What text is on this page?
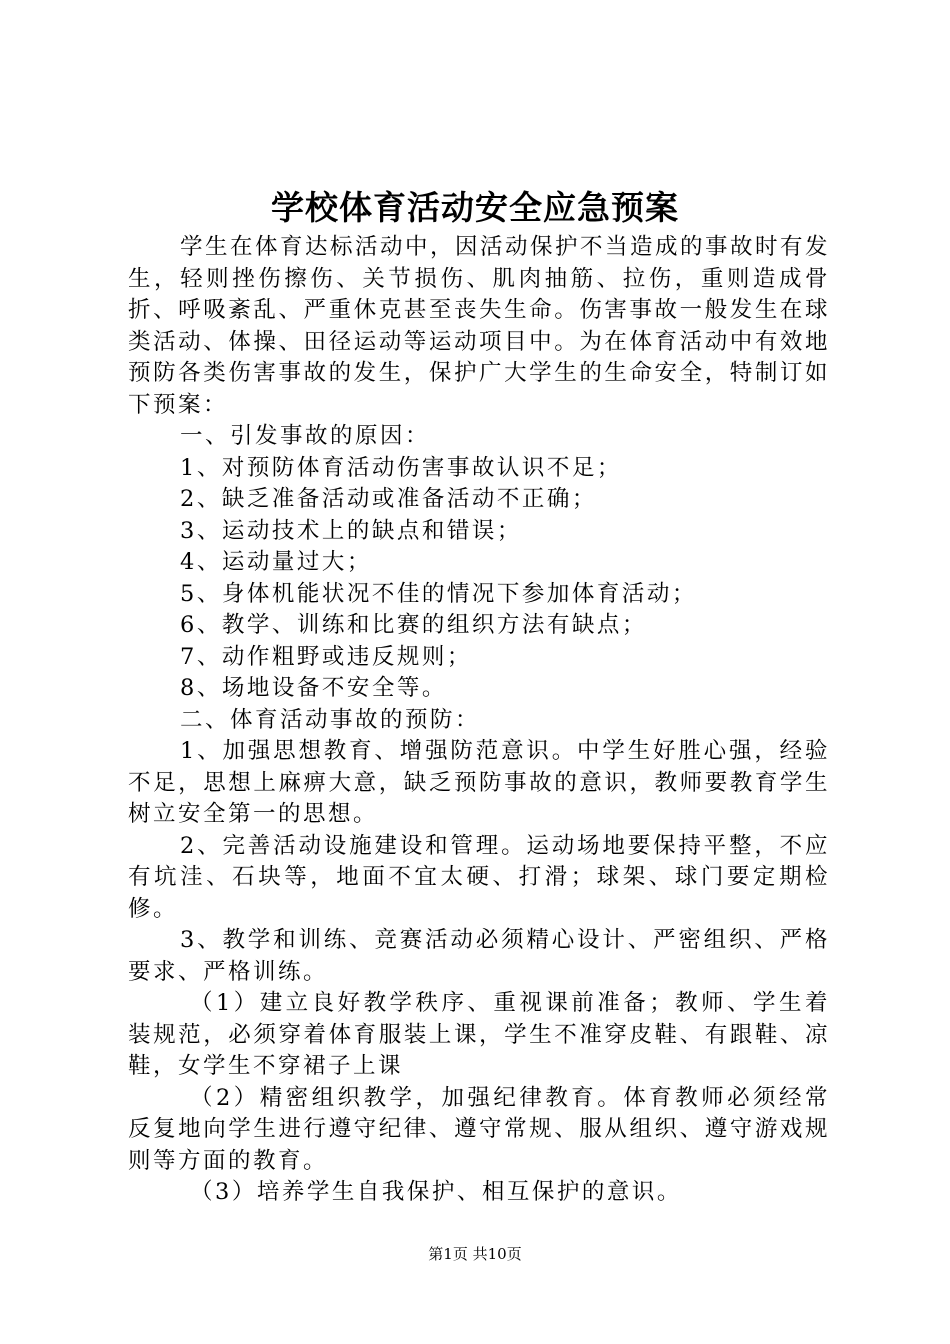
学校体育活动安全应急预案

学生在体育达标活动中，因活动保护不当造成的事故时有发生，轻则挫伤擦伤、关节损伤、肌肉抽筋、拉伤，重则造成骨折、呼吸紊乱、严重休克甚至丧失生命。伤害事故一般发生在球类活动、体操、田径运动等运动项目中。为在体育活动中有效地预防各类伤害事故的发生，保护广大学生的生命安全，特制订如下预案：

一、引发事故的原因：

1、对预防体育活动伤害事故认识不足；

2、缺乏准备活动或准备活动不正确；

3、运动技术上的缺点和错误；

4、运动量过大；

5、身体机能状况不佳的情况下参加体育活动；

6、教学、训练和比赛的组织方法有缺点；

7、动作粗野或违反规则；

8、场地设备不安全等。

二、体育活动事故的预防：

1、加强思想教育、增强防范意识。中学生好胜心强，经验不足，思想上麻痹大意，缺乏预防事故的意识，教师要教育学生树立安全第一的思想。

2、完善活动设施建设和管理。运动场地要保持平整，不应有坑洼、石块等，地面不宜太硬、打滑；球架、球门要定期检修。

3、教学和训练、竞赛活动必须精心设计、严密组织、严格要求、严格训练。

（1）建立良好教学秩序、重视课前准备；教师、学生着装规范，必须穿着体育服装上课，学生不准穿皮鞋、有跟鞋、凉鞋，女学生不穿裙子上课

（2）精密组织教学，加强纪律教育。体育教师必须经常反复地向学生进行遵守纪律、遵守常规、服从组织、遵守游戏规则等方面的教育。

（3）培养学生自我保护、相互保护的意识。

第1页 共10页
